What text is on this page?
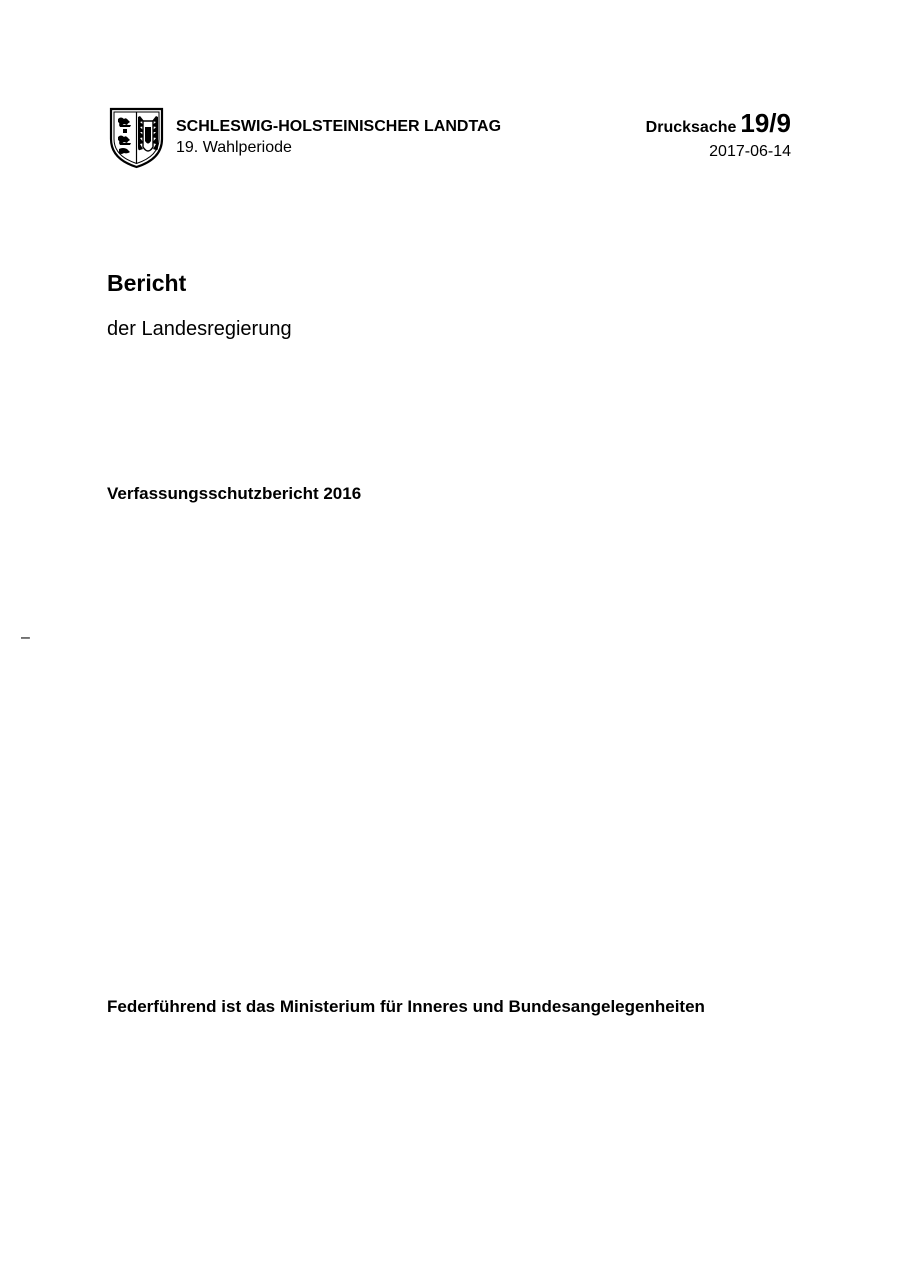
SCHLESWIG-HOLSTEINISCHER LANDTAG
19. Wahlperiode
Drucksache 19/9
2017-06-14
Bericht
der Landesregierung
Verfassungsschutzbericht 2016
–
Federführend ist das Ministerium für Inneres und Bundesangelegenheiten
